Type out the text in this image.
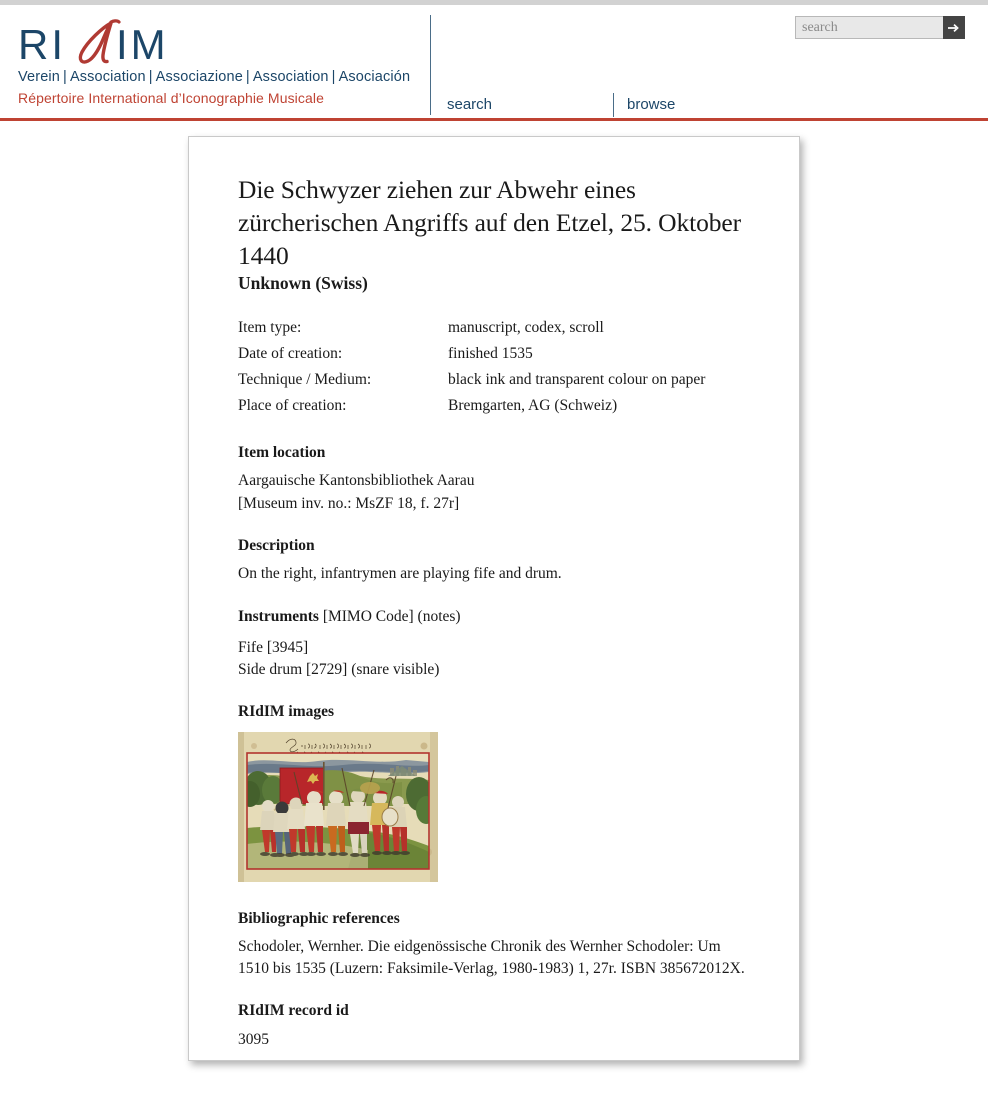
RI IM
Verein | Association | Associazione | Association | Asociación
Répertoire International d’Iconographie Musicale	search	browse
search
Die Schwyzer ziehen zur Abwehr eines zürcherischen Angriffs auf den Etzel, 25. Oktober 1440
Unknown (Swiss)
Item type:	manuscript, codex, scroll
Date of creation:	finished 1535
Technique / Medium:	black ink and transparent colour on paper
Place of creation:	Bremgarten, AG (Schweiz)
Item location
Aargauische Kantonsbibliothek Aarau
[Museum inv. no.: MsZF 18, f. 27r]
Description
On the right, infantrymen are playing fife and drum.
Instruments [MIMO Code] (notes)
Fife [3945]
Side drum [2729] (snare visible)
RIdIM images
Bibliographic references
Schodoler, Wernher. Die eidgenössische Chronik des Wernher Schodoler: Um 1510 bis 1535 (Luzern: Faksimile-Verlag, 1980-1983) 1, 27r. ISBN 385672012X.
RIdIM record id
3095
